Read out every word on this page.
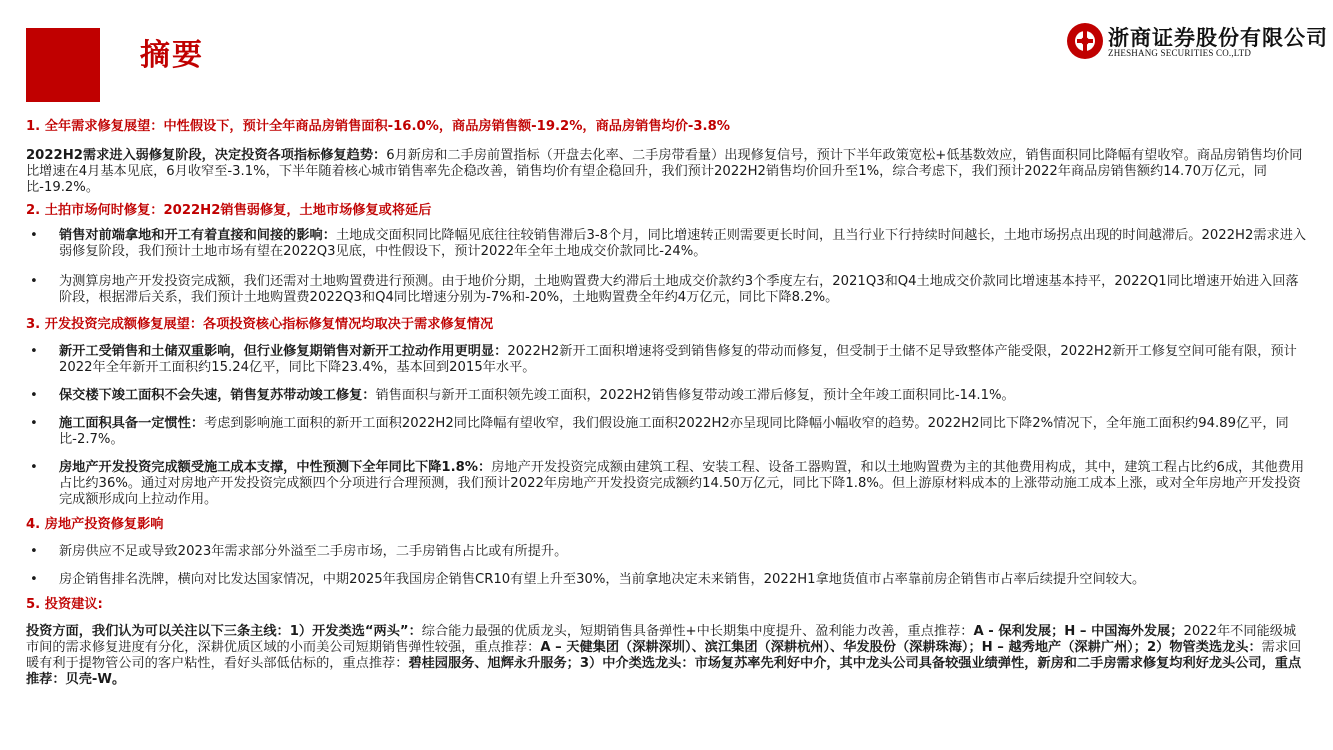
摘要
浙商证券股份有限公司
ZHESHANG SECURITIES CO.,LTD
1. 全年需求修复展望：中性假设下，预计全年商品房销售面积-16.0%，商品房销售额-19.2%，商品房销售均价-3.8%
2022H2需求进入弱修复阶段，决定投资各项指标修复趋势：6月新房和二手房前置指标（开盘去化率、二手房带看量）出现修复信号，预计下半年政策宽松+低基数效应，销售面积同比降幅有望收窄。商品房销售均价同比增速在4月基本见底，6月收窄至-3.1%，下半年随着核心城市销售率先企稳改善，销售均价有望企稳回升，我们预计2022H2销售均价回升至1%，综合考虑下，我们预计2022年商品房销售额约14.70万亿元，同比-19.2%。
2. 土拍市场何时修复：2022H2销售弱修复，土地市场修复或将延后
• 销售对前端拿地和开工有着直接和间接的影响：土地成交面积同比降幅见底往往较销售滞后3-8个月，同比增速转正则需要更长时间，且当行业下行持续时间越长，土地市场拐点出现的时间越滞后。2022H2需求进入弱修复阶段，我们预计土地市场有望在2022Q3见底，中性假设下，预计2022年全年土地成交价款同比-24%。
• 为测算房地产开发投资完成额，我们还需对土地购置费进行预测。由于地价分期，土地购置费大约滞后土地成交价款约3个季度左右，2021Q3和Q4土地成交价款同比增速基本持平，2022Q1同比增速开始进入回落阶段，根据滞后关系，我们预计土地购置费2022Q3和Q4同比增速分别为-7%和-20%，土地购置费全年约4万亿元，同比下降8.2%。
3. 开发投资完成额修复展望：各项投资核心指标修复情况均取决于需求修复情况
• 新开工受销售和土储双重影响，但行业修复期销售对新开工拉动作用更明显：2022H2新开工面积增速将受到销售修复的带动而修复，但受制于土储不足导致整体产能受限，2022H2新开工修复空间可能有限，预计2022年全年新开工面积约15.24亿平，同比下降23.4%，基本回到2015年水平。
• 保交楼下竣工面积不会失速，销售复苏带动竣工修复：销售面积与新开工面积领先竣工面积，2022H2销售修复带动竣工滞后修复，预计全年竣工面积同比-14.1%。
• 施工面积具备一定惯性：考虑到影响施工面积的新开工面积2022H2同比降幅有望收窄，我们假设施工面积2022H2亦呈现同比降幅小幅收窄的趋势。2022H2同比下降2%情况下，全年施工面积约94.89亿平，同比-2.7%。
• 房地产开发投资完成额受施工成本支撑，中性预测下全年同比下降1.8%：房地产开发投资完成额由建筑工程、安装工程、设备工器购置，和以土地购置费为主的其他费用构成，其中，建筑工程占比约6成，其他费用占比约36%。通过对房地产开发投资完成额四个分项进行合理预测，我们预计2022年房地产开发投资完成额约14.50万亿元，同比下降1.8%。但上游原材料成本的上涨带动施工成本上涨，或对全年房地产开发投资完成额形成向上拉动作用。
4. 房地产投资修复影响
• 新房供应不足或导致2023年需求部分外溢至二手房市场，二手房销售占比或有所提升。
• 房企销售排名洗牌，横向对比发达国家情况，中期2025年我国房企销售CR10有望上升至30%，当前拿地决定未来销售，2022H1拿地货值市占率靠前房企销售市占率后续提升空间较大。
5. 投资建议:
投资方面，我们认为可以关注以下三条主线：1）开发类选“两头”：综合能力最强的优质龙头，短期销售具备弹性+中长期集中度提升、盈利能力改善，重点推荐：A - 保利发展；H – 中国海外发展；2022年不同能级城市间的需求修复进度有分化，深耕优质区域的小而美公司短期销售弹性较强，重点推荐：A – 天健集团（深耕深圳）、滨江集团（深耕杭州）、华发股份（深耕珠海）；H – 越秀地产（深耕广州）；2）物管类选龙头：需求回暖有利于提物管公司的客户粘性，看好头部低估标的，重点推荐：碧桂园服务、旭辉永升服务；3）中介类选龙头：市场复苏率先利好中介，其中龙头公司具备较强业绩弹性，新房和二手房需求修复均利好龙头公司，重点推荐：贝壳-W。
